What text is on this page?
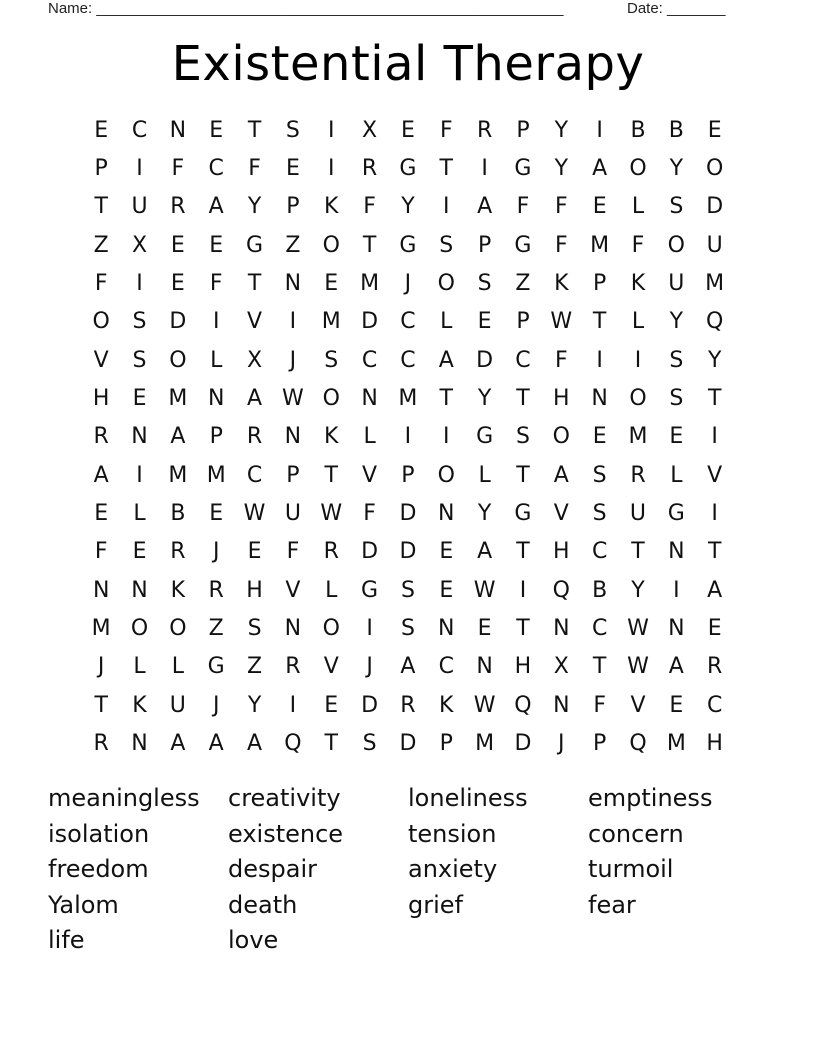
Name: ________________________________________________________	Date: _______
Existential Therapy
E	C	N	E	T	S	I	X	E	F	R	P	Y	I	B	B	E
P	I	F	C	F	E	I	R	G	T	I	G	Y	A	O	Y	O
T	U	R	A	Y	P	K	F	Y	I	A	F	F	E	L	S	D
Z	X	E	E	G	Z	O	T	G	S	P	G	F	M	F	O U
F	I	E	F	T	N	E M	J	O	S	Z	K	P	K	U M
O	S	D	I	V	I	M D	C	L	E	P W T	L	Y	Q
V	S	O	L	X	J	S	C	C	A	D	C	F	I	I	S	Y
H	E M N	A W O N M	T	Y	T	H N O	S	T
R	N	A	P	R	N	K	L	I	I	G	S	O	E M E	I
A	I	M M C	P	T	V	P	O	L	T	A	S	R	L	V
E	L	B	E W U W F	D N	Y	G	V	S	U G	I
F	E	R	J	E	F	R	D D	E	A	T	H	C	T	N	T
N N	K	R	H	V	L	G	S	E W	I	Q	B	Y	I	A
M O O	Z	S	N O	I	S	N	E	T	N	C W N	E
J	L	L	G	Z	R	V	J	A	C	N H	X	T W A	R
T	K	U	J	Y	I	E	D	R	K W Q N	F	V	E	C
R	N	A	A	A	Q	T	S	D	P	M D	J	P	Q M H
meaningless	creativity	loneliness	emptiness
isolation	existence	tension	concern
freedom	despair	anxiety	turmoil
Yalom	death	grief	fear
life	love
